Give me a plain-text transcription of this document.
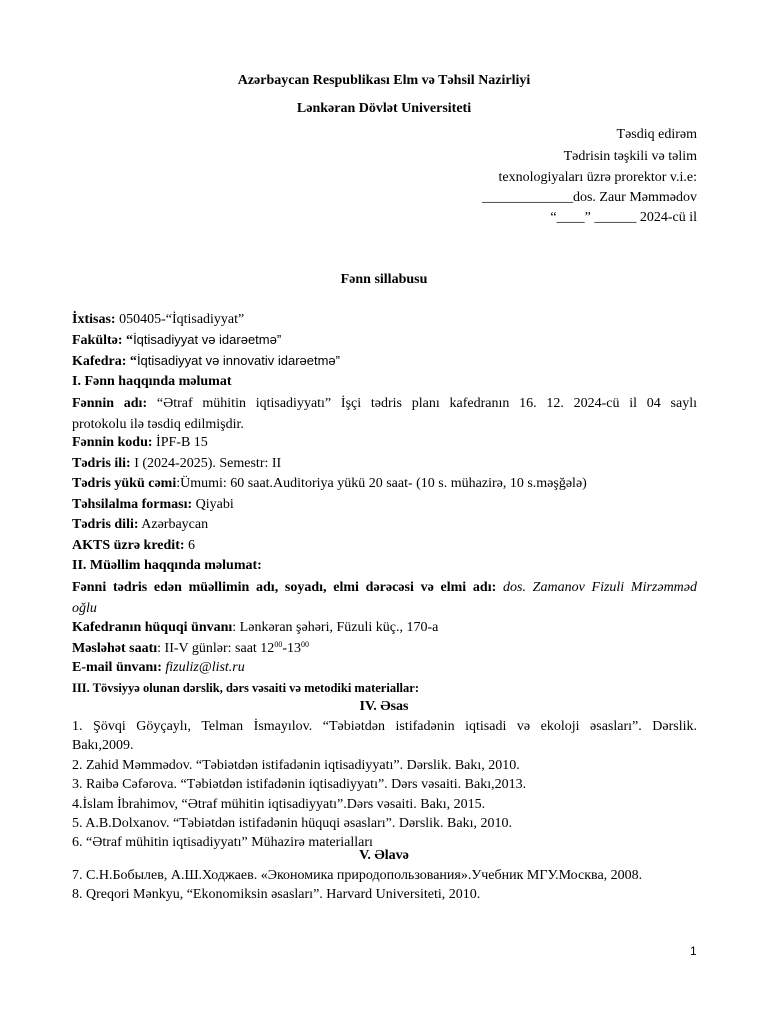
Azərbaycan Respublikası Elm və Təhsil Nazirliyi
Lənkəran Dövlət Universiteti
Təsdiq edirəm
Tədrisin təşkili və təlim
texnologiyaları üzrə prorektor v.i.e:
_____________dos. Zaur Məmmədov
“____” ______ 2024-cü il
Fənn sillabusu
İxtisas: 050405-“İqtisadiyyat”
Fakültə: “İqtisadiyyat və idarəetmə”
Kafedra: “İqtisadiyyat və innovativ idarəetmə”
I. Fənn haqqında məlumat
Fənnin adı: “Ətraf mühitin iqtisadiyyatı” İşçi tədris planı kafedranın 16. 12. 2024-cü il 04 saylı
protokolu ilə təsdiq edilmişdir.
Fənnin kodu: İPF-B 15
Tədris ili: I (2024-2025). Semestr: II
Tədris yükü cəmi:Ümumi: 60 saat.Auditoriya yükü 20 saat- (10 s. mühazirə, 10 s.məşğələ)
Təhsilalma forması: Qiyabi
Tədris dili: Azərbaycan
AKTS üzrə kredit: 6
II. Müəllim haqqında məlumat:
Fənni tədris edən müəllimin adı, soyadı, elmi dərəcəsi və elmi adı: dos. Zamanov Fizuli Mirzəmməd
oğlu
Kafedranın hüquqi ünvanı: Lənkəran şəhəri, Füzuli küç., 170-a
Məsləhət saatı: II-V günlər: saat $12^{00}-13^{00}$
E-mail ünvanı: fizuliz@list.ru
III. Tövsiyyə olunan dərslik, dərs vəsaiti və metodiki materiallar:
IV. Əsas
1. Şövqi Göyçaylı, Telman İsmayılov. “Təbiətdən istifadənin iqtisadi və ekoloji əsasları”. Dərslik.
Bakı,2009.
2. Zahid Məmmədov. “Təbiətdən istifadənin iqtisadiyyatı”. Dərslik. Bakı, 2010.
3. Raibə Cəfərova. “Təbiətdən istifadənin iqtisadiyyatı”. Dərs vəsaiti. Bakı,2013.
4.İslam İbrahimov, “Ətraf mühitin iqtisadiyyatı”.Dərs vəsaiti. Bakı, 2015.
5. A.B.Dolxanov. “Təbiətdən istifadənin hüquqi əsasları”. Dərslik. Bakı, 2010.
6. “Ətraf mühitin iqtisadiyyatı” Mühazirə materialları
V. Əlavə
7. С.Н.Бобылев, А.Ш.Ходжаев. «Экономика природопользования».Учебник МГУ.Москва, 2008.
8. Qreqori Mənkyu, “Ekonomiksin əsasları”. Harvard Universiteti, 2010.
1
